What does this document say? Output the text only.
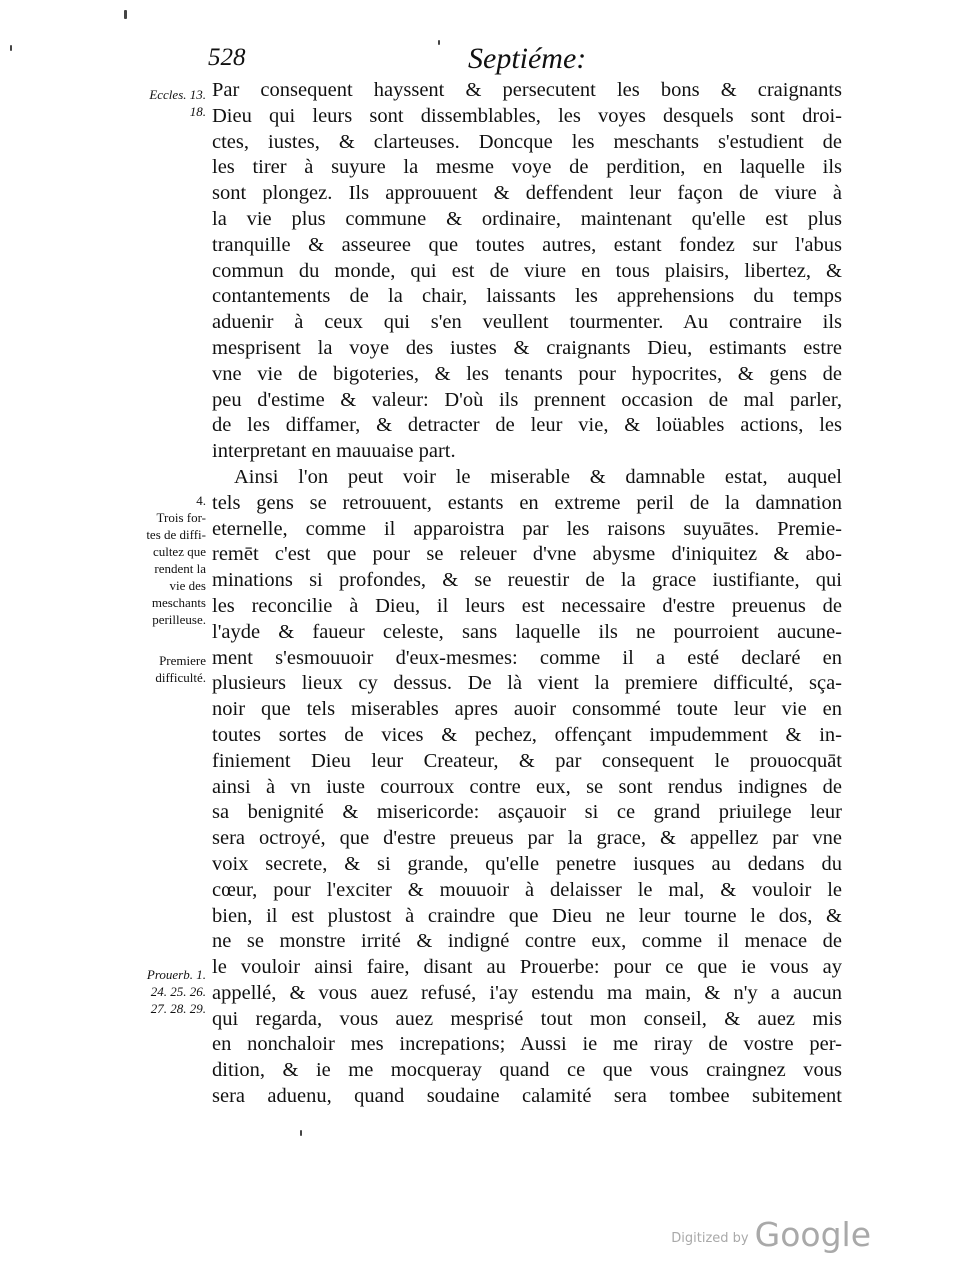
528	Septiéme:
Eccles. 13.
18.
4.
Trois for-
tes de diffi-
cultez que
rendent la
vie des
meschants
perilleuse.
Premiere
difficulté.
Prouerb. 1.
24. 25. 26.
27. 28. 29.
Par consequent hayssent & persecutent les bons & craignants
Dieu qui leurs sont dissemblables, les voyes desquels sont droi-
ctes, iustes, & clarteuses. Doncque les meschants s'estudient de
les tirer à suyure la mesme voye de perdition, en laquelle ils
sont plongez. Ils approuuent & deffendent leur façon de viure à
la vie plus commune & ordinaire, maintenant qu'elle est plus
tranquille & asseuree que toutes autres, estant fondez sur l'abus
commun du monde, qui est de viure en tous plaisirs, libertez, &
contantements de la chair, laissants les apprehensions du temps
aduenir à ceux qui s'en veullent tourmenter. Au contraire ils
mesprisent la voye des iustes & craignants Dieu, estimants estre
vne vie de bigoteries, & les tenants pour hypocrites, & gens de
peu d'estime & valeur: D'où ils prennent occasion de mal parler,
de les diffamer, & detracter de leur vie, & loüables actions, les
interpretant en mauuaise part.
Ainsi l'on peut voir le miserable & damnable estat, auquel
tels gens se retrouuent, estants en extreme peril de la damnation
eternelle, comme il apparoistra par les raisons suyuātes. Premie-
remēt c'est que pour se releuer d'vne abysme d'iniquitez & abo-
minations si profondes, & se reuestir de la grace iustifiante, qui
les reconcilie à Dieu, il leurs est necessaire d'estre preuenus de
l'ayde & faueur celeste, sans laquelle ils ne pourroient aucune-
ment s'esmouuoir d'eux-mesmes: comme il a esté declaré en
plusieurs lieux cy dessus. De là vient la premiere difficulté, sça-
noir que tels miserables apres auoir consommé toute leur vie en
toutes sortes de vices & pechez, offençant impudemment & in-
finiement Dieu leur Createur, & par consequent le prouocquāt
ainsi à vn iuste courroux contre eux, se sont rendus indignes de
sa benignité & misericorde: asçauoir si ce grand priuilege leur
sera octroyé, que d'estre preueus par la grace, & appellez par vne
voix secrete, & si grande, qu'elle penetre iusques au dedans du
cœur, pour l'exciter & mouuoir à delaisser le mal, & vouloir le
bien, il est plustost à craindre que Dieu ne leur tourne le dos, &
ne se monstre irrité & indigné contre eux, comme il menace de
le vouloir ainsi faire, disant au Prouerbe: pour ce que ie vous ay
appellé, & vous auez refusé, i'ay estendu ma main, & n'y a aucun
qui regarda, vous auez mesprisé tout mon conseil, & auez mis
en nonchaloir mes increpations; Aussi ie me riray de vostre per-
dition, & ie me mocqueray quand ce que vous craingnez vous
sera aduenu, quand soudaine calamité sera tombee subitement
$^{Digitized by}$ Google
